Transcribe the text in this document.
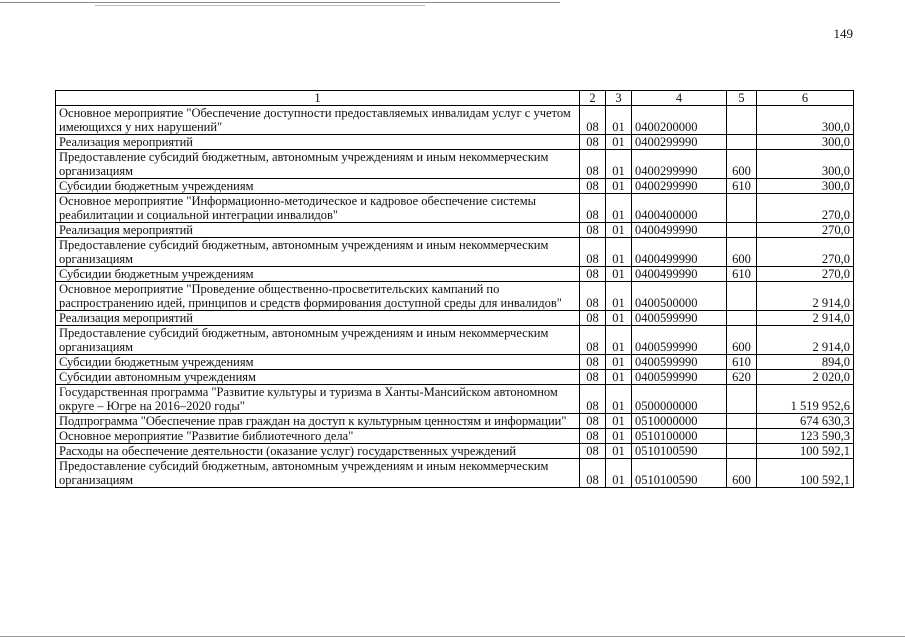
149
1	2	3	4	5	6
Основное мероприятие "Обеспечение доступности предоставляемых инвалидам услуг с учетом имеющихся у них нарушений"	08	01	0400200000		300,0
Реализация мероприятий	08	01	0400299990		300,0
Предоставление субсидий бюджетным, автономным учреждениям и иным некоммерческим организациям	08	01	0400299990	600	300,0
Субсидии бюджетным учреждениям	08	01	0400299990	610	300,0
Основное мероприятие "Информационно-методическое и кадровое обеспечение системы реабилитации и социальной интеграции инвалидов"	08	01	0400400000		270,0
Реализация мероприятий	08	01	0400499990		270,0
Предоставление субсидий бюджетным, автономным учреждениям и иным некоммерческим организациям	08	01	0400499990	600	270,0
Субсидии бюджетным учреждениям	08	01	0400499990	610	270,0
Основное мероприятие "Проведение общественно-просветительских кампаний по распространению идей, принципов и средств формирования доступной среды для инвалидов"	08	01	0400500000		2 914,0
Реализация мероприятий	08	01	0400599990		2 914,0
Предоставление субсидий бюджетным, автономным учреждениям и иным некоммерческим организациям	08	01	0400599990	600	2 914,0
Субсидии бюджетным учреждениям	08	01	0400599990	610	894,0
Субсидии автономным учреждениям	08	01	0400599990	620	2 020,0
Государственная программа "Развитие культуры и туризма в Ханты-Мансийском автономном округе – Югре на 2016–2020 годы"	08	01	0500000000		1 519 952,6
Подпрограмма "Обеспечение прав граждан на доступ к культурным ценностям и информации"	08	01	0510000000		674 630,3
Основное мероприятие "Развитие библиотечного дела"	08	01	0510100000		123 590,3
Расходы на обеспечение деятельности (оказание услуг) государственных учреждений	08	01	0510100590		100 592,1
Предоставление субсидий бюджетным, автономным учреждениям и иным некоммерческим организациям	08	01	0510100590	600	100 592,1
